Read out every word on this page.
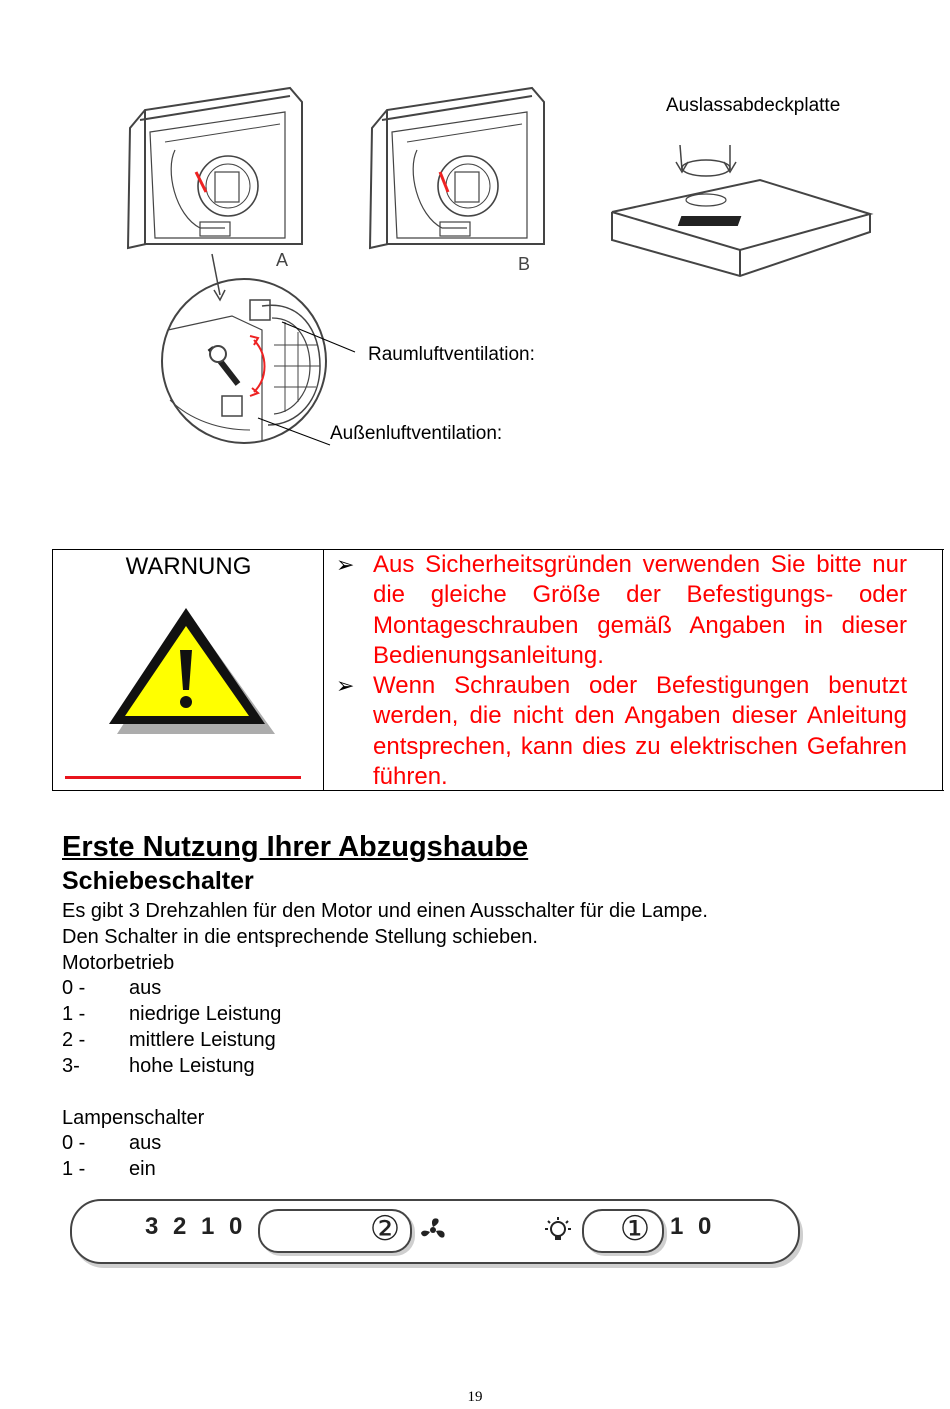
A	B
Auslassabdeckplatte
Raumluftventilation:
Außenluftventilation:
WARNUNG	➢ Aus Sicherheitsgründen verwenden Sie bitte nur die gleiche Größe der Befestigungs- oder Montageschrauben gemäß Angaben in dieser Bedienungsanleitung.
➢ Wenn Schrauben oder Befestigungen benutzt werden, die nicht den Angaben dieser Anleitung entsprechen, kann dies zu elektrischen Gefahren führen.
Erste Nutzung Ihrer Abzugshaube
Schiebeschalter
Es gibt 3 Drehzahlen für den Motor und einen Ausschalter für die Lampe.
Den Schalter in die entsprechende Stellung schieben.
Motorbetrieb
0 - aus
1 - niedrige Leistung
2 - mittlere Leistung
3- hohe Leistung
Lampenschalter
0 - aus
1 - ein
3 2 1 0	②	① 1 0
19
